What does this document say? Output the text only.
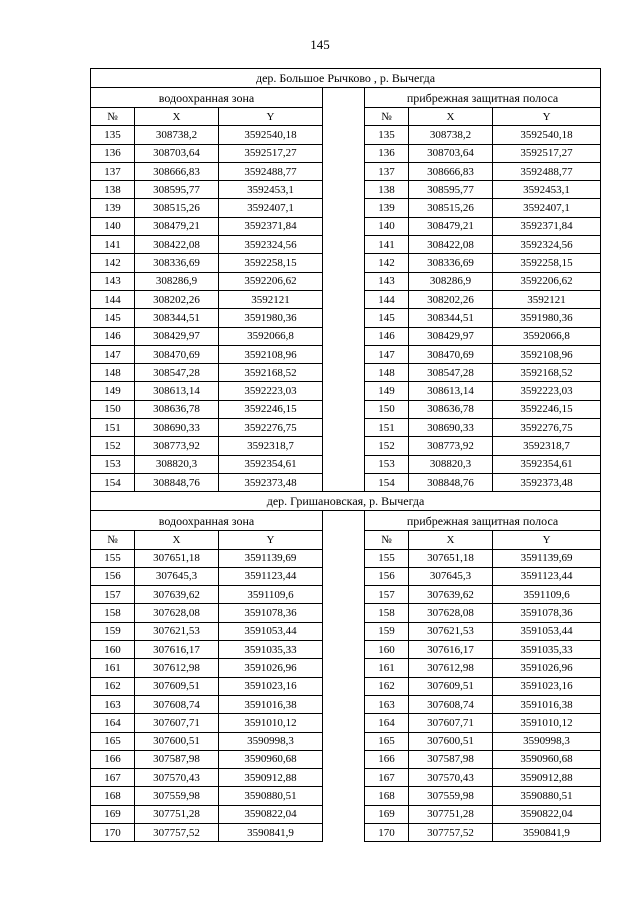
145
дер. Большое Рычково , р. Вычегда						
водоохранная зона				прибрежная защитная полоса		
№	X	Y		№	X	Y
135	308738,2	3592540,18		135	308738,2	3592540,18
136	308703,64	3592517,27		136	308703,64	3592517,27
137	308666,83	3592488,77		137	308666,83	3592488,77
138	308595,77	3592453,1		138	308595,77	3592453,1
139	308515,26	3592407,1		139	308515,26	3592407,1
140	308479,21	3592371,84		140	308479,21	3592371,84
141	308422,08	3592324,56		141	308422,08	3592324,56
142	308336,69	3592258,15		142	308336,69	3592258,15
143	308286,9	3592206,62		143	308286,9	3592206,62
144	308202,26	3592121		144	308202,26	3592121
145	308344,51	3591980,36		145	308344,51	3591980,36
146	308429,97	3592066,8		146	308429,97	3592066,8
147	308470,69	3592108,96		147	308470,69	3592108,96
148	308547,28	3592168,52		148	308547,28	3592168,52
149	308613,14	3592223,03		149	308613,14	3592223,03
150	308636,78	3592246,15		150	308636,78	3592246,15
151	308690,33	3592276,75		151	308690,33	3592276,75
152	308773,92	3592318,7		152	308773,92	3592318,7
153	308820,3	3592354,61		153	308820,3	3592354,61
154	308848,76	3592373,48		154	308848,76	3592373,48
дер. Гришановская, р. Вычегда						
водоохранная зона				прибрежная защитная полоса		
№	X	Y		№	X	Y
155	307651,18	3591139,69		155	307651,18	3591139,69
156	307645,3	3591123,44		156	307645,3	3591123,44
157	307639,62	3591109,6		157	307639,62	3591109,6
158	307628,08	3591078,36		158	307628,08	3591078,36
159	307621,53	3591053,44		159	307621,53	3591053,44
160	307616,17	3591035,33		160	307616,17	3591035,33
161	307612,98	3591026,96		161	307612,98	3591026,96
162	307609,51	3591023,16		162	307609,51	3591023,16
163	307608,74	3591016,38		163	307608,74	3591016,38
164	307607,71	3591010,12		164	307607,71	3591010,12
165	307600,51	3590998,3		165	307600,51	3590998,3
166	307587,98	3590960,68		166	307587,98	3590960,68
167	307570,43	3590912,88		167	307570,43	3590912,88
168	307559,98	3590880,51		168	307559,98	3590880,51
169	307751,28	3590822,04		169	307751,28	3590822,04
170	307757,52	3590841,9		170	307757,52	3590841,9
